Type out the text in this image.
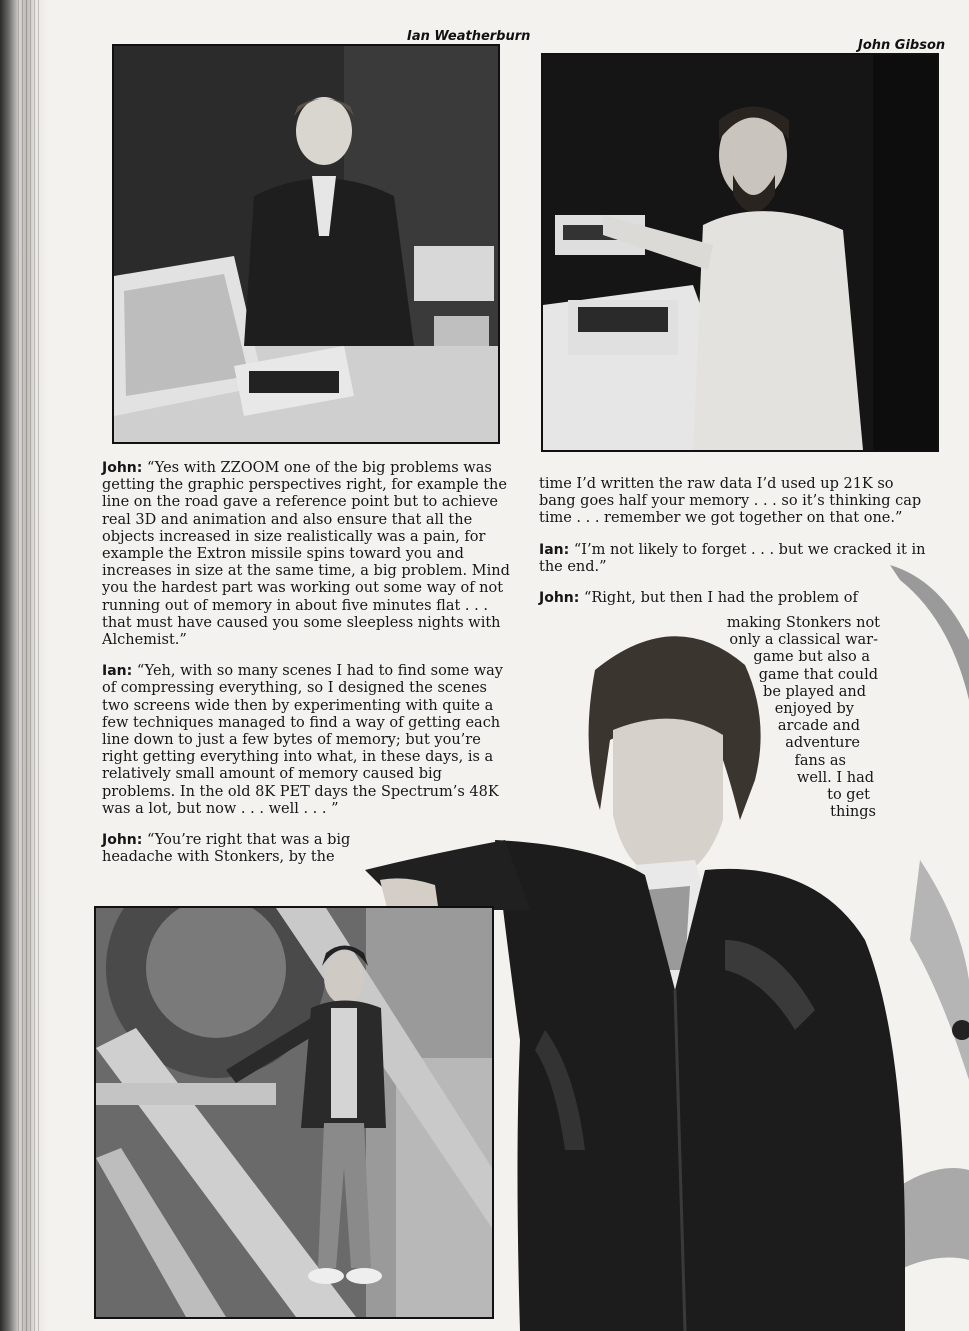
Ian Weatherburn
John Gibson

John: “Yes with ZZOOM one of the big problems was getting the graphic perspectives right, for example the line on the road gave a reference point but to achieve real 3D and animation and also ensure that all the objects increased in size realistically was a pain, for example the Extron missile spins toward you and increases in size at the same time, a big problem. Mind you the hardest part was working out some way of not running out of memory in about five minutes flat . . . that must have caused you some sleepless nights with Alchemist.”

Ian: “Yeh, with so many scenes I had to find some way of compressing everything, so I designed the scenes two screens wide then by experimenting with quite a few techniques managed to find a way of getting each line down to just a few bytes of memory; but you’re right getting everything into what, in these days, is a relatively small amount of memory caused big problems. In the old 8K PET days the Spectrum’s 48K was a lot, but now . . . well . . . ”

John: “You’re right that was a big headache with Stonkers, by the

time I’d written the raw data I’d used up 21K so bang goes half your memory . . . so it’s thinking cap time . . . remember we got together on that one.”

Ian: “I’m not likely to forget . . . but we cracked it in the end.”

John: “Right, but then I had the problem of

making Stonkers not
only a classical war-
game but also a
game that could
be played and
enjoyed by
arcade and
adventure
fans as
well. I had
to get
things
